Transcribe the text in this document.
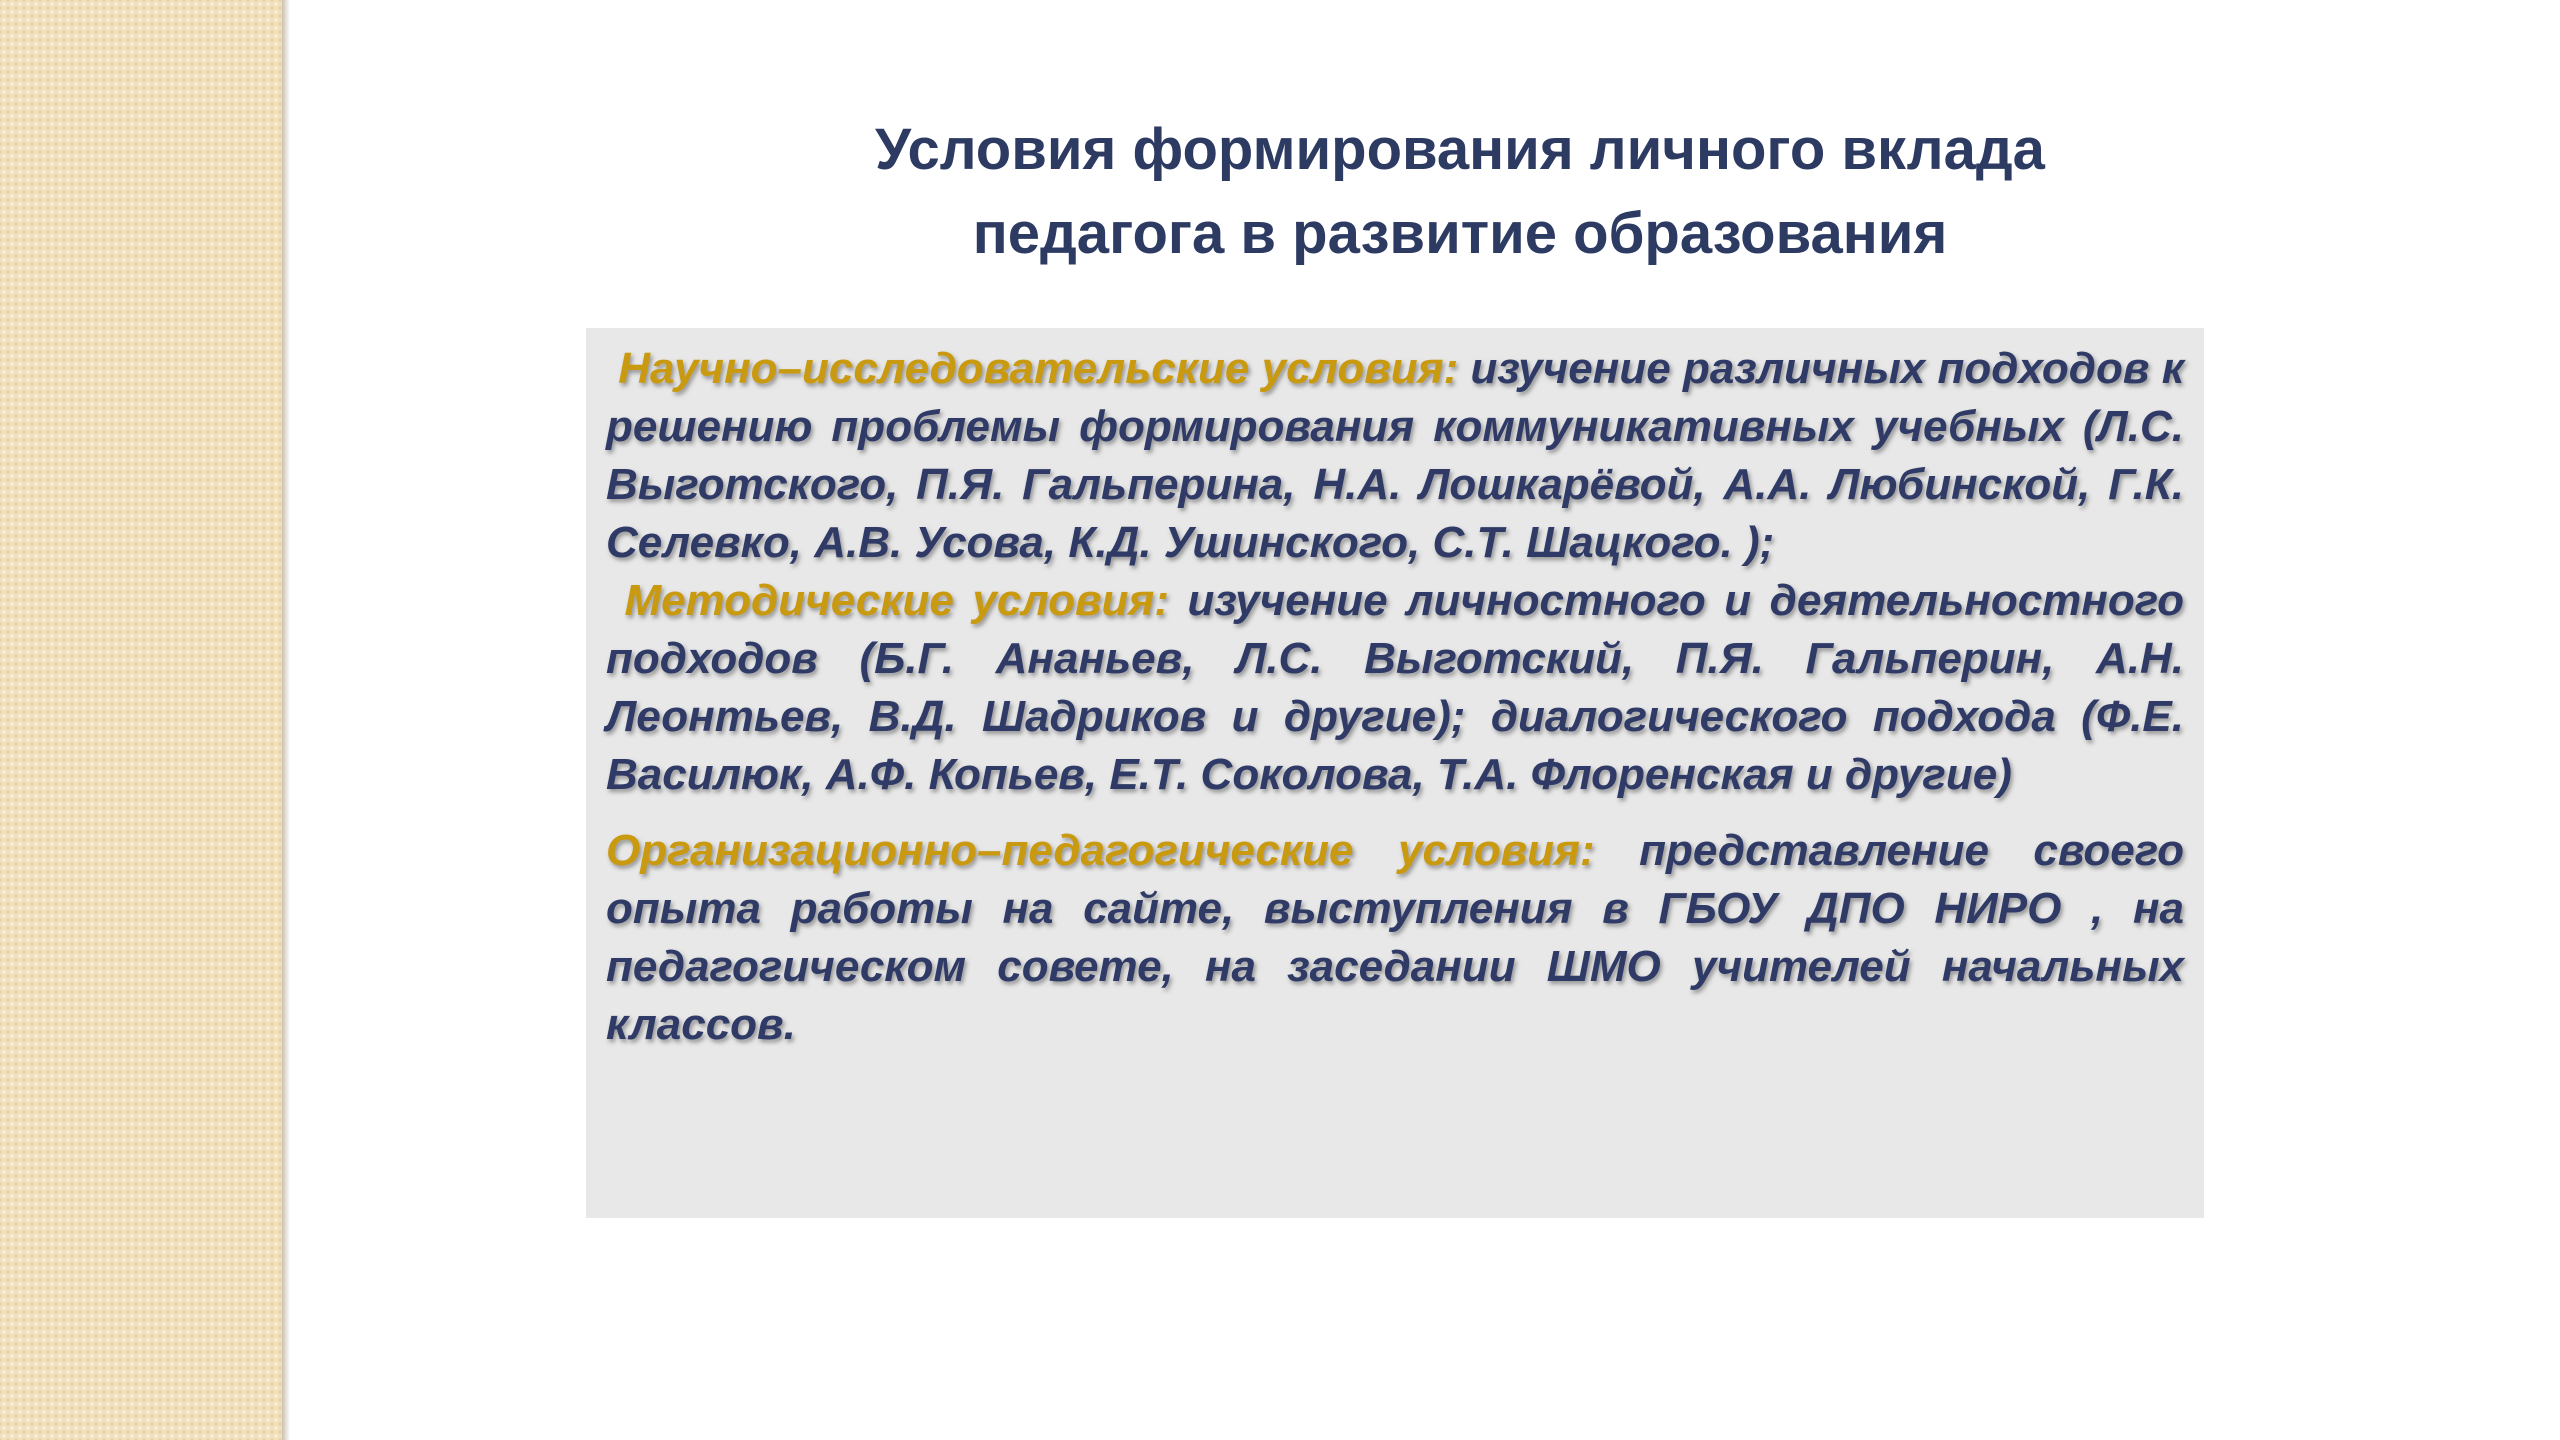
Условия формирования личного вклада
педагога в развитие образования

Научно–исследовательские условия: изучение различных подходов к решению проблемы формирования коммуникативных учебных (Л.С. Выготского, П.Я. Гальперина, Н.А. Лошкарёвой, А.А. Любинской, Г.К. Селевко, А.В. Усова, К.Д. Ушинского, С.Т. Шацкого. );

Методические условия: изучение личностного и деятельностного подходов (Б.Г. Ананьев, Л.С. Выготский, П.Я. Гальперин, А.Н. Леонтьев, В.Д. Шадриков и другие); диалогического подхода (Ф.Е. Василюк, А.Ф. Копьев, Е.Т. Соколова, Т.А. Флоренская и другие)

Организационно–педагогические условия: представление своего опыта работы на сайте, выступления в ГБОУ ДПО НИРО , на педагогическом совете, на заседании ШМО учителей начальных классов.
